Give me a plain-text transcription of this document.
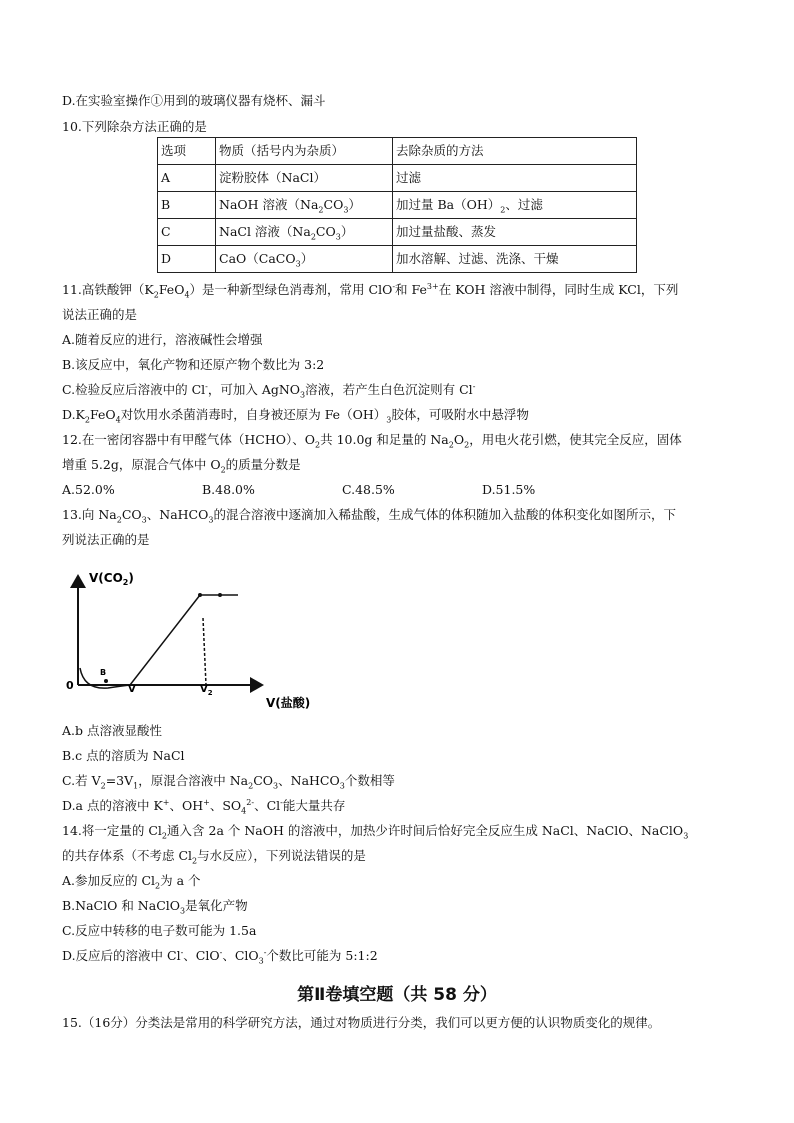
D.在实验室操作①用到的玻璃仪器有烧杯、漏斗
10.下列除杂方法正确的是
选项	物质（括号内为杂质）	去除杂质的方法
A	淀粉胶体（NaCl）	过滤
B	NaOH 溶液$(Na_2CO_3)$	加过量 $Ba(OH)_2$、过滤
C	NaCl 溶液$(Na_2CO_3)$	加过量盐酸、蒸发
D	CaO（CaCO$_3$）	加水溶解、过滤、洗涤、干燥
11.高铁酸钾$(K_2FeO_4)$是一种新型绿色消毒剂，常用 ClO-和 $Fe^{3+}$在 KOH 溶液中制得，同时生成 KCl，下列
说法正确的是
A.随着反应的进行，溶液碱性会增强
B.该反应中，氧化产物和还原产物个数比为 3:2
C.检验反应后溶液中的 Cl-，可加入 AgNO$_3$溶液，若产生白色沉淀则有 Cl-
$D.K_2FeO_4$对饮用水杀菌消毒时，自身被还原为 $Fe(OH)_3$胶体，可吸附水中悬浮物
12.在一密闭容器中有甲醛气体（HCHO）、$O_2$共 10.0g 和足量的 $Na_2O_2$，用电火花引燃，使其完全反应，固体
增重 5.2g，原混合气体中 $O_2$的质量分数是
A.52.0%	B.48.0%	C.48.5%	D.51.5%
13.向 $Na_2CO_3$、NaHCO$_3$的混合溶液中逐滴加入稀盐酸，生成气体的体积随加入盐酸的体积变化如图所示，下
列说法正确的是
$V(CO_2)$
V(盐酸)
0
B
V	$V_2$
A.b 点溶液显酸性
B.c 点的溶质为 NaCl
C.若 $V_2=3V_1$，原混合溶液中 $Na_2CO_3$、NaHCO$_3$个数相等
D.a 点的溶液中 K+、OH+、$SO_4^{2-}$、Cl-能大量共存
14.将一定量的 $Cl_2$通入含 2a 个 NaOH 的溶液中，加热少许时间后恰好完全反应生成 NaCl、NaClO、NaClO$_3$
的共存体系（不考虑 $Cl_2$与水反应），下列说法错误的是
A.参加反应的 $Cl_2$为 a 个
B.NaClO 和 NaClO$_3$是氧化产物
C.反应中转移的电子数可能为 1.5a
D.反应后的溶液中 Cl-、ClO-、ClO$_3$-个数比可能为 5:1:2
第Ⅱ卷填空题（共 58 分）
15.（16分）分类法是常用的科学研究方法，通过对物质进行分类，我们可以更方便的认识物质变化的规律。
